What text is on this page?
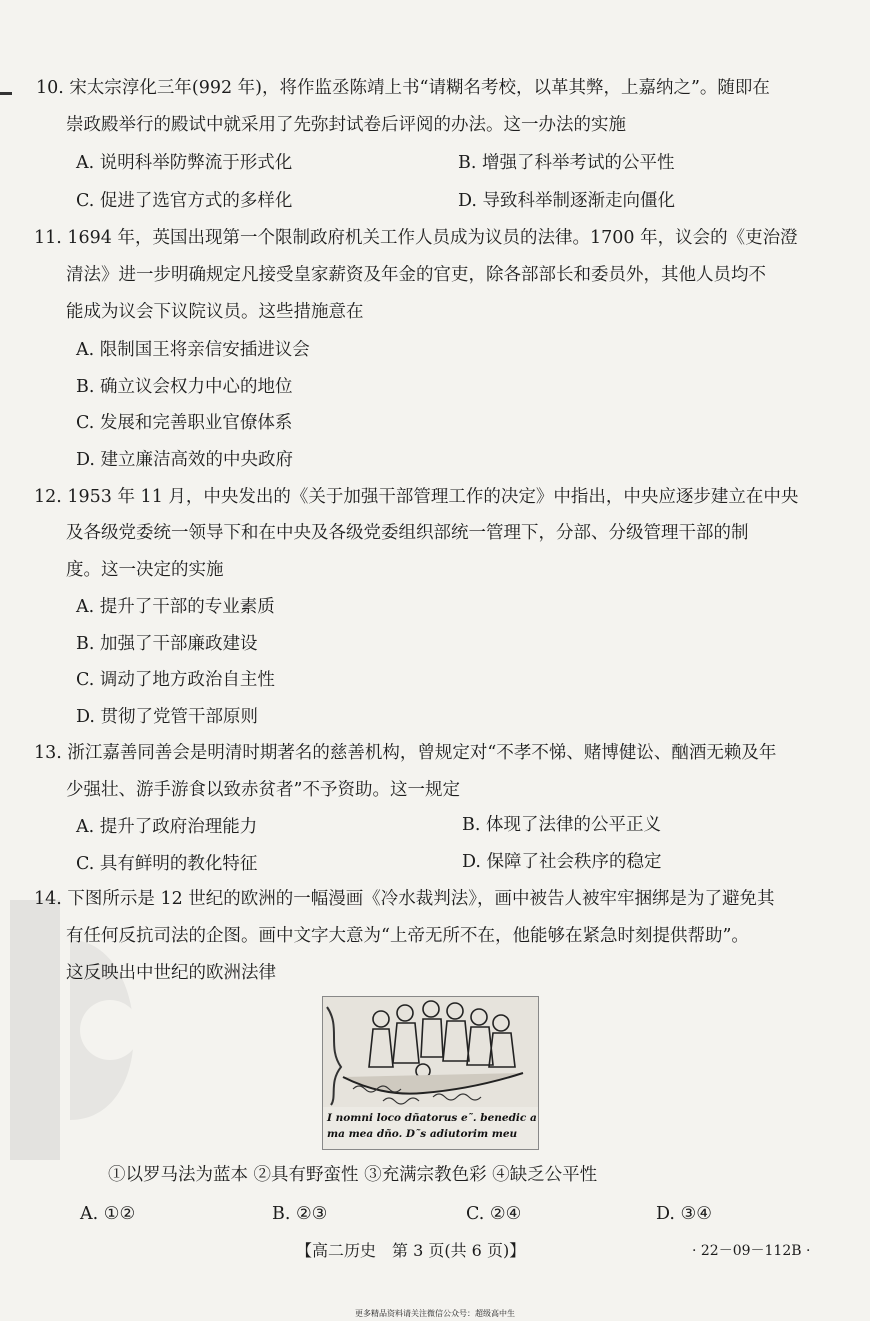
10. 宋太宗淳化三年(992 年)，将作监丞陈靖上书“请糊名考校，以革其弊，上嘉纳之”。随即在
崇政殿举行的殿试中就采用了先弥封试卷后评阅的办法。这一办法的实施
A. 说明科举防弊流于形式化	B. 增强了科举考试的公平性
C. 促进了选官方式的多样化	D. 导致科举制逐渐走向僵化
11. 1694 年，英国出现第一个限制政府机关工作人员成为议员的法律。1700 年，议会的《吏治澄
清法》进一步明确规定凡接受皇家薪资及年金的官吏，除各部部长和委员外，其他人员均不
能成为议会下议院议员。这些措施意在
A. 限制国王将亲信安插进议会
B. 确立议会权力中心的地位
C. 发展和完善职业官僚体系
D. 建立廉洁高效的中央政府
12. 1953 年 11 月，中央发出的《关于加强干部管理工作的决定》中指出，中央应逐步建立在中央
及各级党委统一领导下和在中央及各级党委组织部统一管理下，分部、分级管理干部的制
度。这一决定的实施
A. 提升了干部的专业素质
B. 加强了干部廉政建设
C. 调动了地方政治自主性
D. 贯彻了党管干部原则
13. 浙江嘉善同善会是明清时期著名的慈善机构，曾规定对“不孝不悌、赌博健讼、酗酒无赖及年
少强壮、游手游食以致赤贫者”不予资助。这一规定
A. 提升了政府治理能力	B. 体现了法律的公平正义
C. 具有鲜明的教化特征	D. 保障了社会秩序的稳定
14. 下图所示是 12 世纪的欧洲的一幅漫画《冷水裁判法》，画中被告人被牢牢捆绑是为了避免其
有任何反抗司法的企图。画中文字大意为“上帝无所不在，他能够在紧急时刻提供帮助”。
这反映出中世纪的欧洲法律
I nomni loco dñatorus e˜. benedic a
ma mea dño. D˜s adiutorim meu
①以罗马法为蓝本 ②具有野蛮性 ③充满宗教色彩 ④缺乏公平性
A. ①②	B. ②③	C. ②④	D. ③④
【高二历史　第 3 页(共 6 页)】	· 22－09－112B ·
更多精品资料请关注微信公众号：超级高中生
